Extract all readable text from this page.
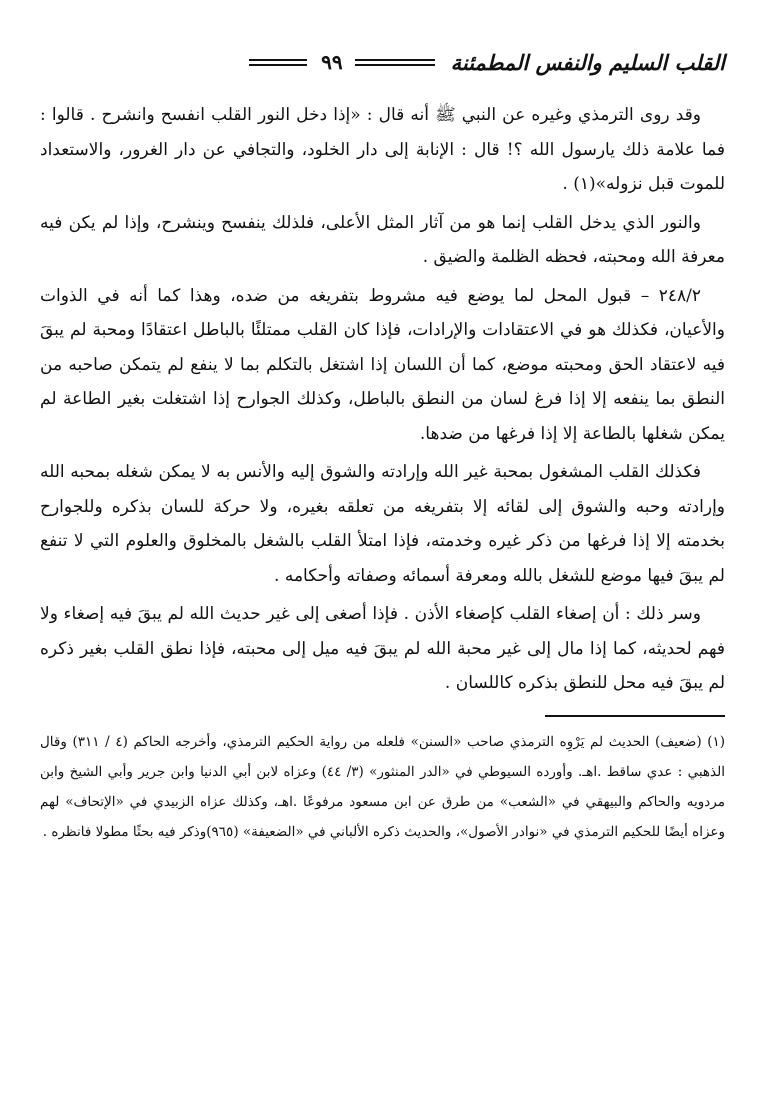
القلب السليم والنفس المطمئنة
٩٩

وقد روى الترمذي وغيره عن النبي ﷺ أنه قال : «إذا دخل النور القلب انفسح وانشرح . قالوا : فما علامة ذلك يارسول الله ؟! قال : الإنابة إلى دار الخلود، والتجافي عن دار الغرور، والاستعداد للموت قبل نزوله»(١) .

والنور الذي يدخل القلب إنما هو من آثار المثل الأعلى، فلذلك ينفسح وينشرح، وإذا لم يكن فيه معرفة الله ومحبته، فحظه الظلمة والضيق .

٢٤٨/٢ – قبول المحل لما يوضع فيه مشروط بتفريغه من ضده، وهذا كما أنه في الذوات والأعيان، فكذلك هو في الاعتقادات والإرادات، فإذا كان القلب ممتلئًا بالباطل اعتقادًا ومحبة لم يبقَ فيه لاعتقاد الحق ومحبته موضع، كما أن اللسان إذا اشتغل بالتكلم بما لا ينفع لم يتمكن صاحبه من النطق بما ينفعه إلا إذا فرغ لسان من النطق بالباطل، وكذلك الجوارح إذا اشتغلت بغير الطاعة لم يمكن شغلها بالطاعة إلا إذا فرغها من ضدها.

فكذلك القلب المشغول بمحبة غير الله وإرادته والشوق إليه والأنس به لا يمكن شغله بمحبه الله وإرادته وحبه والشوق إلى لقائه إلا بتفريغه من تعلقه بغيره، ولا حركة للسان بذكره وللجوارح بخدمته إلا إذا فرغها من ذكر غيره وخدمته، فإذا امتلأ القلب بالشغل بالمخلوق والعلوم التي لا تنفع لم يبقَ فيها موضع للشغل بالله ومعرفة أسمائه وصفاته وأحكامه .

وسر ذلك : أن إصغاء القلب كإصغاء الأذن . فإذا أصغى إلى غير حديث الله لم يبقَ فيه إصغاء ولا فهم لحديثه، كما إذا مال إلى غير محبة الله لم يبقَ فيه ميل إلى محبته، فإذا نطق القلب بغير ذكره لم يبقَ فيه محل للنطق بذكره كاللسان .

(١) (ضعيف) الحديث لم يَرْوِه الترمذي صاحب «السنن» فلعله من رواية الحكيم الترمذي، وأخرجه الحاكم (٤ / ٣١١) وقال الذهبي : عدي ساقط .اهـ. وأورده السيوطي في «الدر المنثور» (٣/ ٤٤) وعزاه لابن أبي الدنيا وابن جرير وأبي الشيخ وابن مردويه والحاكم والبيهقي في «الشعب» من طرق عن ابن مسعود مرفوعًا .اهـ، وكذلك عزاه الزبيدي في «الإتحاف» لهم وعزاه أيضًا للحكيم الترمذي في «نوادر الأصول»، والحديث ذكره الألباني في «الضعيفة» (٩٦٥)وذكر فيه بحثًا مطولا فانظره .
